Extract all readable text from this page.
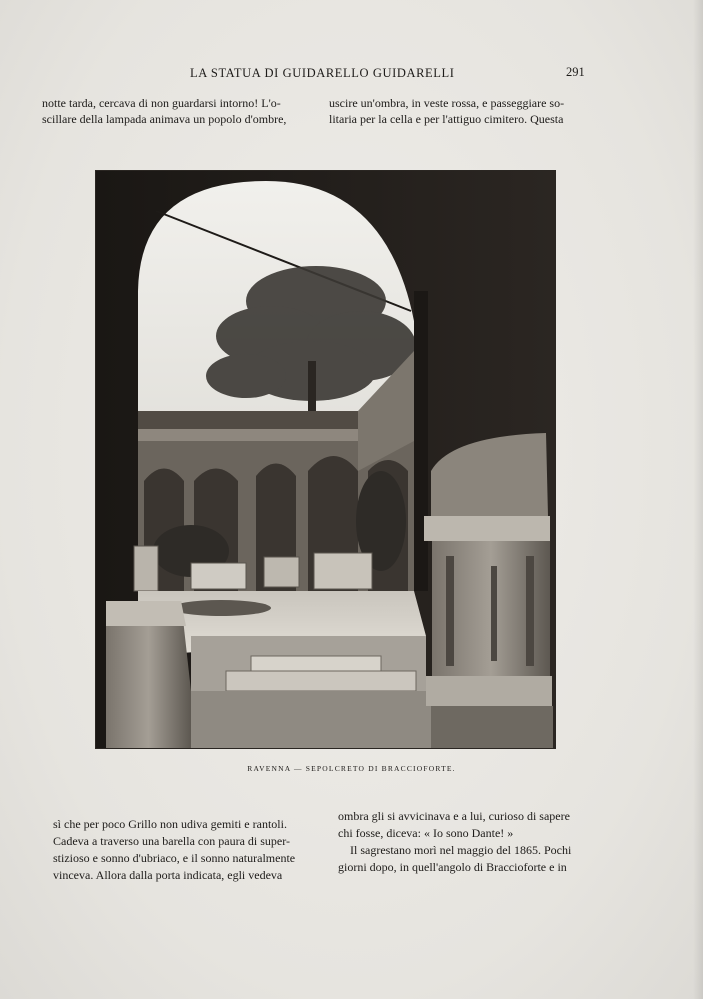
LA STATUA DI GUIDARELLO GUIDARELLI	291
notte tarda, cercava di non guardarsi intorno! L'o-
scillare della lampada animava un popolo d'ombre,
uscire un'ombra, in veste rossa, e passeggiare so-
litaria per la cella e per l'attiguo cimitero. Questa
RAVENNA — SEPOLCRETO DI BRACCIOFORTE.
sì che per poco Grillo non udiva gemiti e rantoli.
Cadeva a traverso una barella con paura di super-
stizioso e sonno d'ubriaco, e il sonno naturalmente
vinceva. Allora dalla porta indicata, egli vedeva
ombra gli si avvicinava e a lui, curioso di sapere
chi fosse, diceva: « Io sono Dante! »
Il sagrestano morì nel maggio del 1865. Pochi
giorni dopo, in quell'angolo di Braccioforte e in
